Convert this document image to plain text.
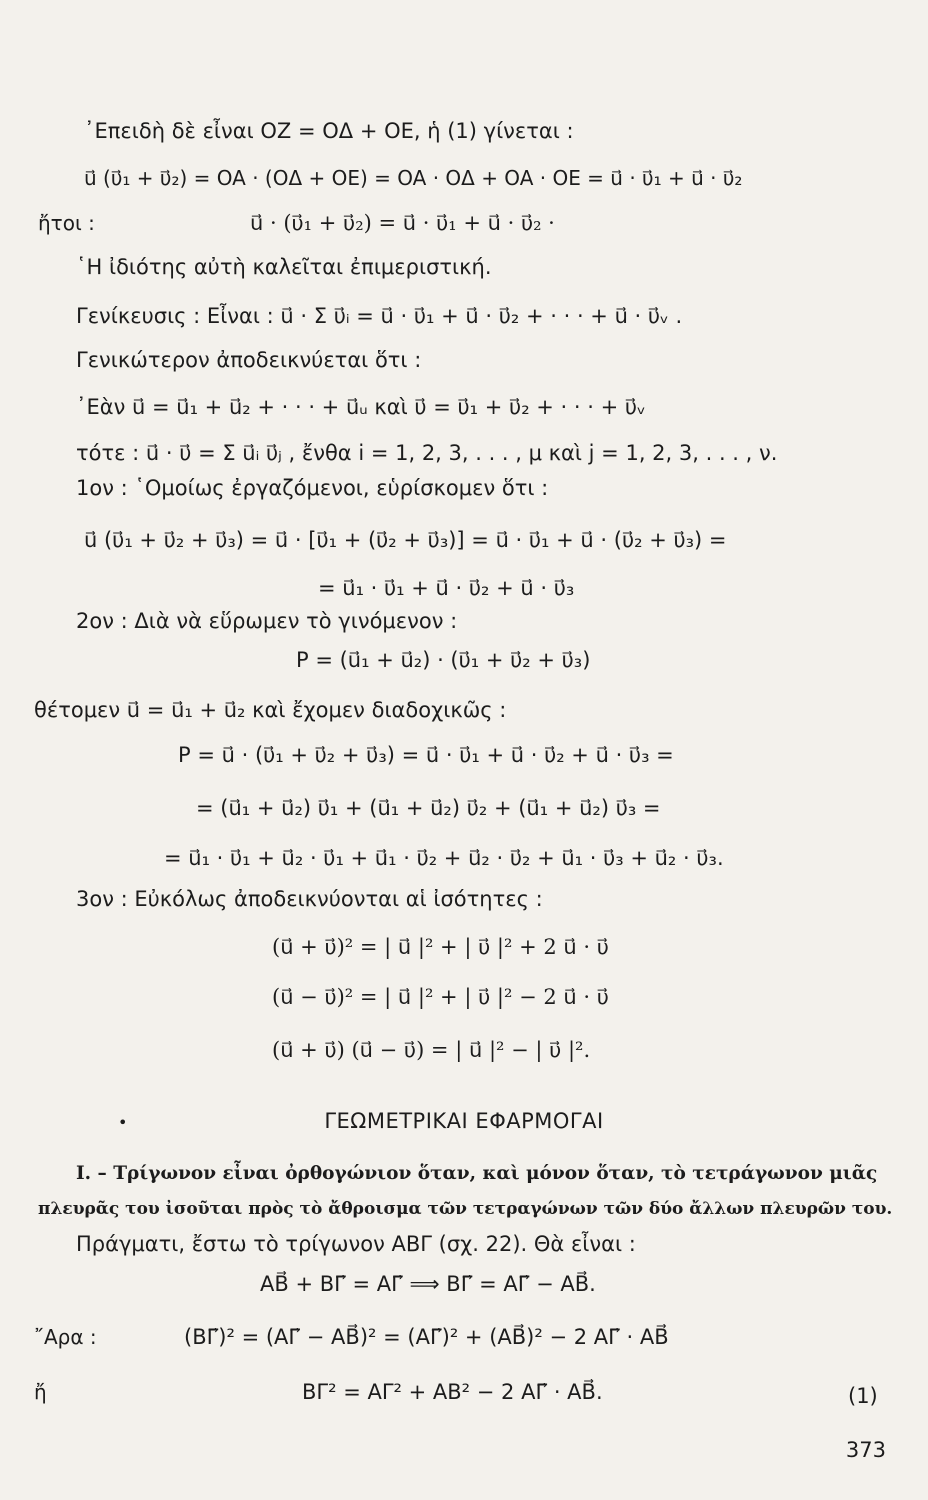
᾿Επειδὴ δὲ εἶναι OZ = OΔ + OE, ἡ (1) γίνεται :
u⃗ (υ⃗₁ + υ⃗₂) = OA · (OΔ + OE) = OA · OΔ + OA · OE = u⃗ · υ⃗₁ + u⃗ · υ⃗₂
ἤτοι :	u⃗ · (υ⃗₁ + υ⃗₂) = u⃗ · υ⃗₁ + u⃗ · υ⃗₂ ·
῾Η ἰδιότης αὐτὴ καλεῖται ἐπιμεριστική.
Γενίκευσις : Εἶναι : u⃗ · Σ υ⃗ᵢ = u⃗ · υ⃗₁ + u⃗ · υ⃗₂ + · · · + u⃗ · υ⃗ᵥ .
Γενικώτερον ἀποδεικνύεται ὅτι :
᾿Εὰν u⃗ = u⃗₁ + u⃗₂ + · · · + u⃗ᵤ καὶ υ⃗ = υ⃗₁ + υ⃗₂ + · · · + υ⃗ᵥ
τότε : u⃗ · υ⃗ = Σ u⃗ᵢ υ⃗ⱼ , ἔνθα i = 1, 2, 3, . . . , μ καὶ j = 1, 2, 3, . . . , ν.
1ον : ῾Ομοίως ἐργαζόμενοι, εὑρίσκομεν ὅτι :
u⃗ (υ⃗₁ + υ⃗₂ + υ⃗₃) = u⃗ · [υ⃗₁ + (υ⃗₂ + υ⃗₃)] = u⃗ · υ⃗₁ + u⃗ · (υ⃗₂ + υ⃗₃) =
= u⃗₁ · υ⃗₁ + u⃗ · υ⃗₂ + u⃗ · υ⃗₃
2ον : Διὰ νὰ εὕρωμεν τὸ γινόμενον :
P = (u⃗₁ + u⃗₂) · (υ⃗₁ + υ⃗₂ + υ⃗₃)
θέτομεν u⃗ = u⃗₁ + u⃗₂ καὶ ἔχομεν διαδοχικῶς :
P = u⃗ · (υ⃗₁ + υ⃗₂ + υ⃗₃) = u⃗ · υ⃗₁ + u⃗ · υ⃗₂ + u⃗ · υ⃗₃ =
= (u⃗₁ + u⃗₂) υ⃗₁ + (u⃗₁ + u⃗₂) υ⃗₂ + (u⃗₁ + u⃗₂) υ⃗₃ =
= u⃗₁ · υ⃗₁ + u⃗₂ · υ⃗₁ + u⃗₁ · υ⃗₂ + u⃗₂ · υ⃗₂ + u⃗₁ · υ⃗₃ + u⃗₂ · υ⃗₃.
3ον : Εὐκόλως ἀποδεικνύονται αἱ ἰσότητες :
(u⃗ + υ⃗)² = | u⃗ |² + | υ⃗ |² + 2 u⃗ · υ⃗
(u⃗ − υ⃗)² = | u⃗ |² + | υ⃗ |² − 2 u⃗ · υ⃗
(u⃗ + υ⃗) (u⃗ − υ⃗) = | u⃗ |² − | υ⃗ |².
•	ΓΕΩΜΕΤΡΙΚΑΙ ΕΦΑΡΜΟΓΑΙ
I. – Τρίγωνον εἶναι ὀρθογώνιον ὅταν, καὶ μόνον ὅταν, τὸ τετράγωνον μιᾶς
πλευρᾶς του ἰσοῦται πρὸς τὸ ἄθροισμα τῶν τετραγώνων τῶν δύο ἄλλων πλευρῶν του.
Πράγματι, ἔστω τὸ τρίγωνον ΑΒΓ (σχ. 22). Θὰ εἶναι :
AB⃗ + BΓ⃗ = AΓ⃗ ⟹ BΓ⃗ = AΓ⃗ − AB⃗.
῎Αρα :	(BΓ⃗)² = (AΓ⃗ − AB⃗)² = (AΓ⃗)² + (AB⃗)² − 2 AΓ⃗ · AB⃗
ἤ	BΓ² = AΓ² + AB² − 2 AΓ⃗ · AB⃗.	(1)
373
